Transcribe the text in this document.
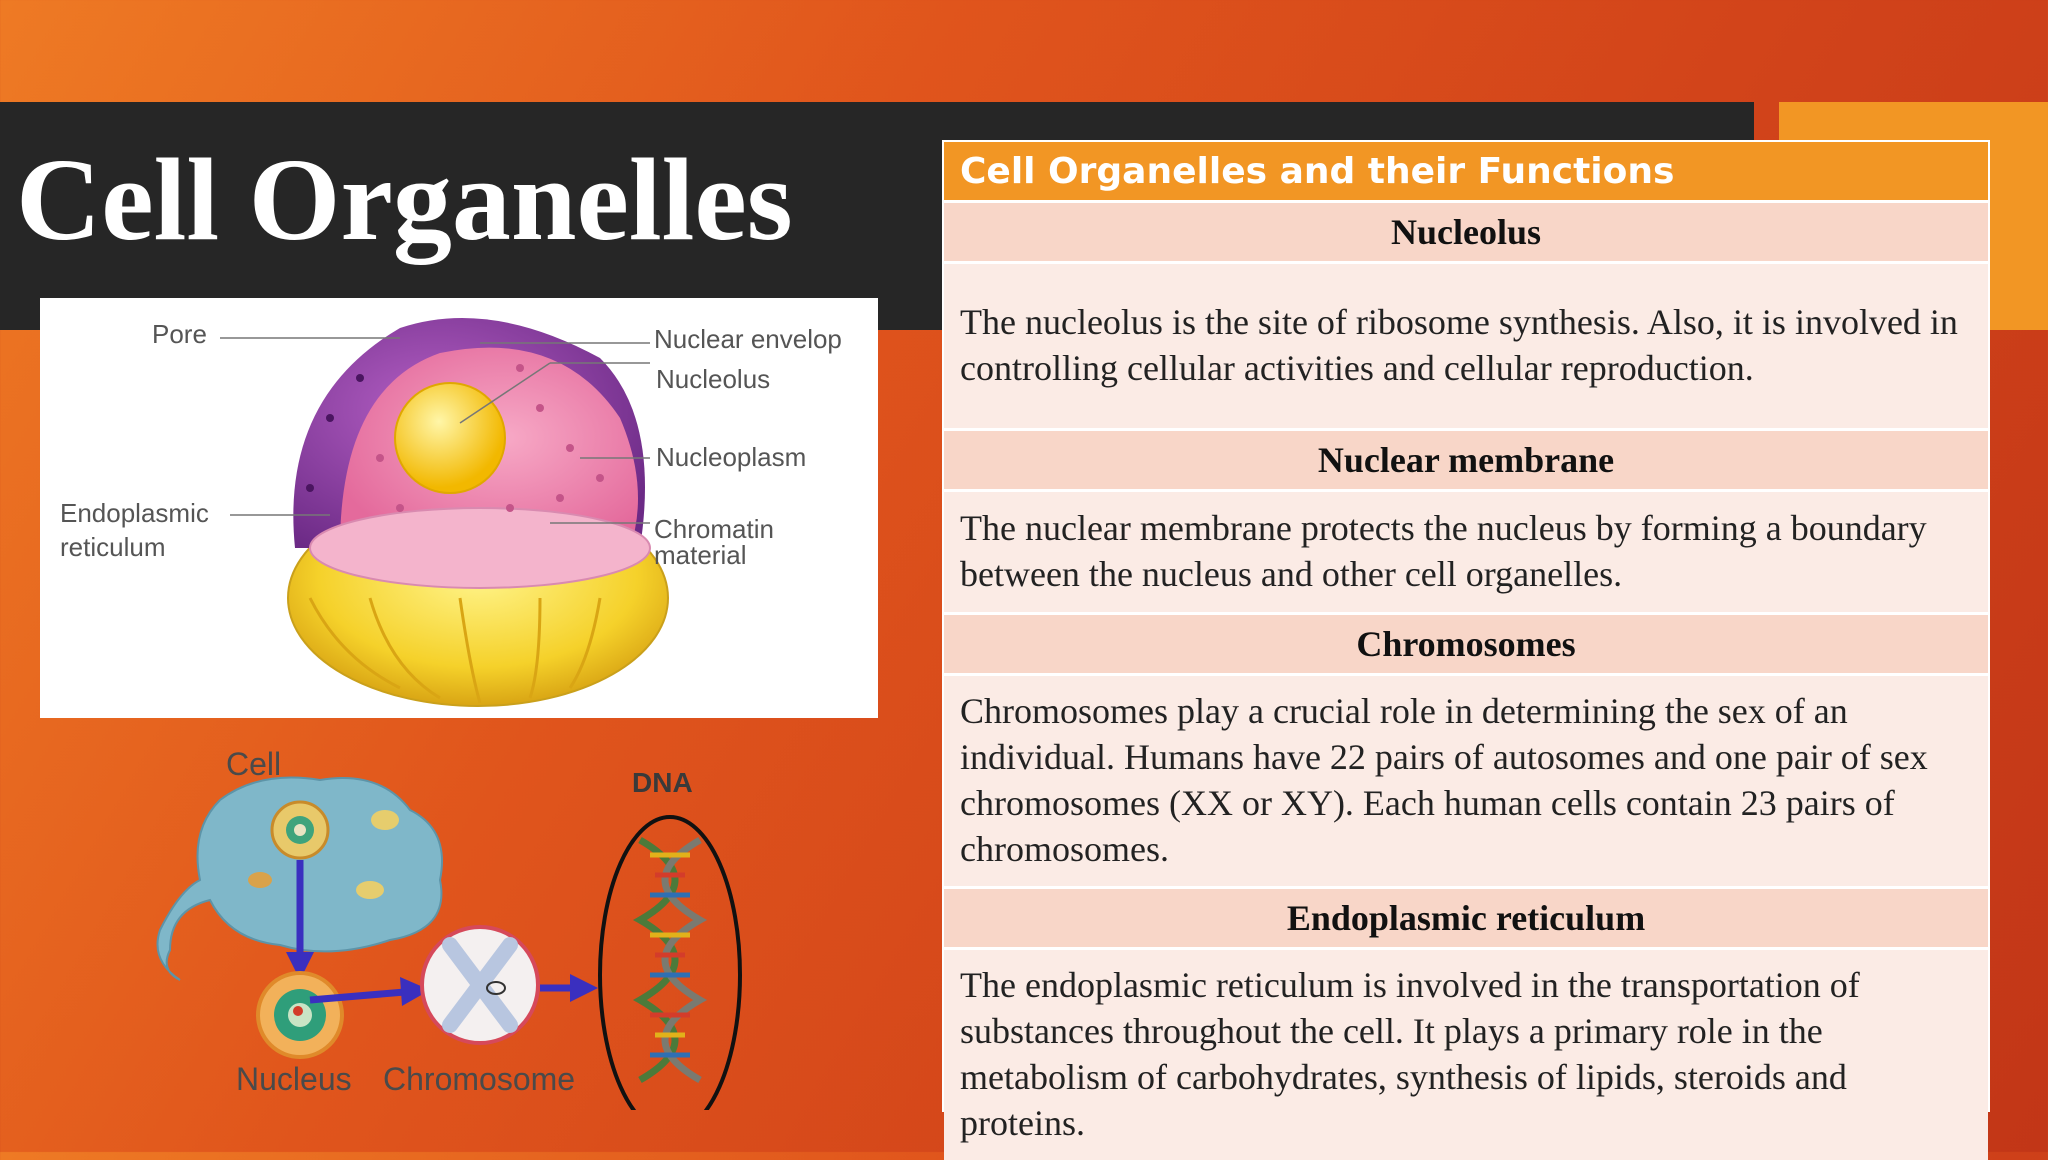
Cell Organelles
Pore	Nuclear envelop
Nucleolus
Nucleoplasm
Endoplasmic
reticulum
Chromatin
material
Cell
DNA
Nucleus Chromosome
Cell Organelles and their Functions
Nucleolus
The nucleolus is the site of ribosome synthesis. Also, it is involved in controlling cellular activities and cellular reproduction.
Nuclear membrane
The nuclear membrane protects the nucleus by forming a boundary between the nucleus and other cell organelles.
Chromosomes
Chromosomes play a crucial role in determining the sex of an individual. Humans have 22 pairs of autosomes and one pair of sex chromosomes (XX or XY). Each human cells contain 23 pairs of chromosomes.
Endoplasmic reticulum
The endoplasmic reticulum is involved in the transportation of substances throughout the cell. It plays a primary role in the metabolism of carbohydrates, synthesis of lipids, steroids and proteins.
